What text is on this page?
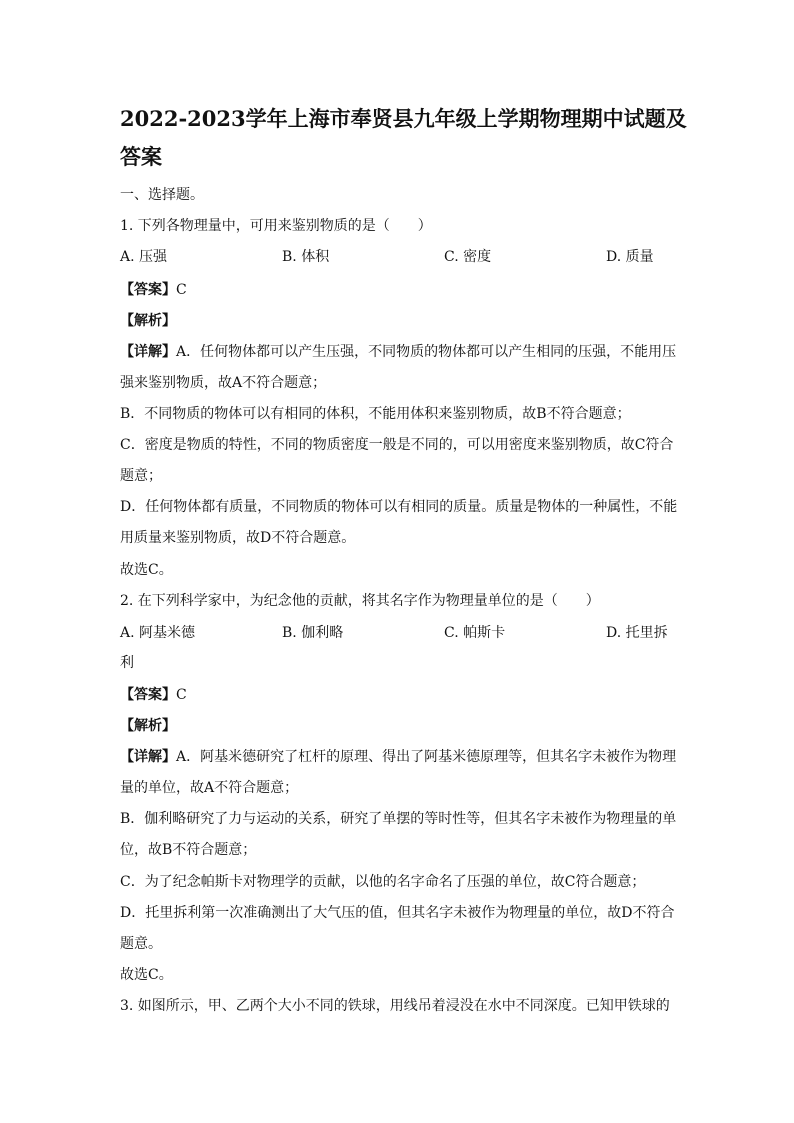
2022-2023学年上海市奉贤县九年级上学期物理期中试题及
答案
一、选择题。
1. 下列各物理量中，可用来鉴别物质的是（　　）
A. 压强	B. 体积	C. 密度	D. 质量
【答案】C
【解析】
【详解】A．任何物体都可以产生压强，不同物质的物体都可以产生相同的压强，不能用压
强来鉴别物质，故A不符合题意；
B．不同物质的物体可以有相同的体积，不能用体积来鉴别物质，故B不符合题意；
C．密度是物质的特性，不同的物质密度一般是不同的，可以用密度来鉴别物质，故C符合
题意；
D．任何物体都有质量，不同物质的物体可以有相同的质量。质量是物体的一种属性，不能
用质量来鉴别物质，故D不符合题意。
故选C。
2. 在下列科学家中，为纪念他的贡献，将其名字作为物理量单位的是（　　）
A. 阿基米德	B. 伽利略	C. 帕斯卡	D. 托里拆
利
【答案】C
【解析】
【详解】A．阿基米德研究了杠杆的原理、得出了阿基米德原理等，但其名字未被作为物理
量的单位，故A不符合题意；
B．伽利略研究了力与运动的关系，研究了单摆的等时性等，但其名字未被作为物理量的单
位，故B不符合题意；
C．为了纪念帕斯卡对物理学的贡献，以他的名字命名了压强的单位，故C符合题意；
D．托里拆利第一次准确测出了大气压的值，但其名字未被作为物理量的单位，故D不符合
题意。
故选C。
3. 如图所示，甲、乙两个大小不同的铁球，用线吊着浸没在水中不同深度。已知甲铁球的
